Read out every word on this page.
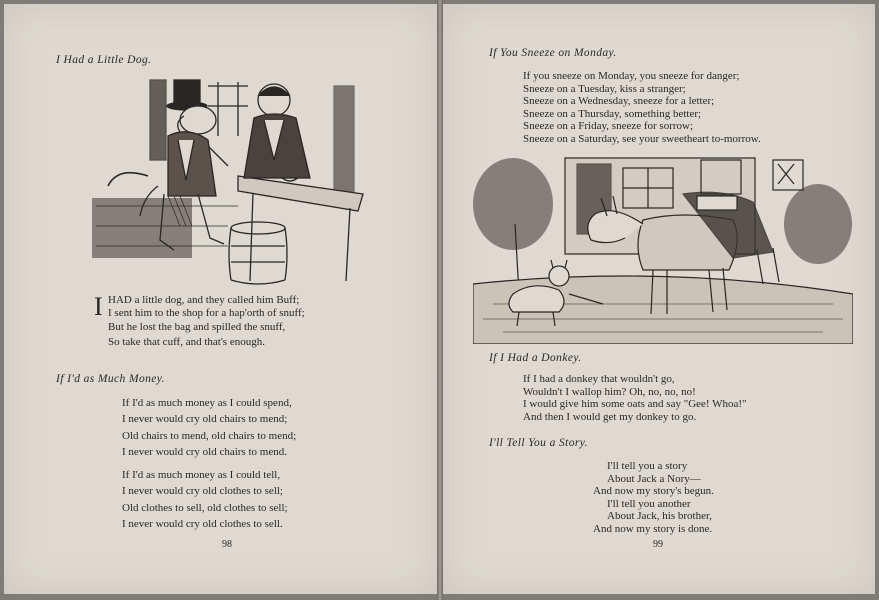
I Had a Little Dog.
I HAD a little dog, and they called him Buff;
I sent him to the shop for a hap'orth of snuff;
But he lost the bag and spilled the snuff,
So take that cuff, and that's enough.
If I'd as Much Money.
If I'd as much money as I could spend,
I never would cry old chairs to mend;
Old chairs to mend, old chairs to mend;
I never would cry old chairs to mend.
If I'd as much money as I could tell,
I never would cry old clothes to sell;
Old clothes to sell, old clothes to sell;
I never would cry old clothes to sell.
98
If You Sneeze on Monday.
If you sneeze on Monday, you sneeze for danger;
Sneeze on a Tuesday, kiss a stranger;
Sneeze on a Wednesday, sneeze for a letter;
Sneeze on a Thursday, something better;
Sneeze on a Friday, sneeze for sorrow;
Sneeze on a Saturday, see your sweetheart to-morrow.
If I Had a Donkey.
If I had a donkey that wouldn't go,
Wouldn't I wallop him? Oh, no, no, no!
I would give him some oats and say "Gee! Whoa!"
And then I would get my donkey to go.
I'll Tell You a Story.
I'll tell you a story
About Jack a Nory—
And now my story's begun.
I'll tell you another
About Jack, his brother,
And now my story is done.
99
